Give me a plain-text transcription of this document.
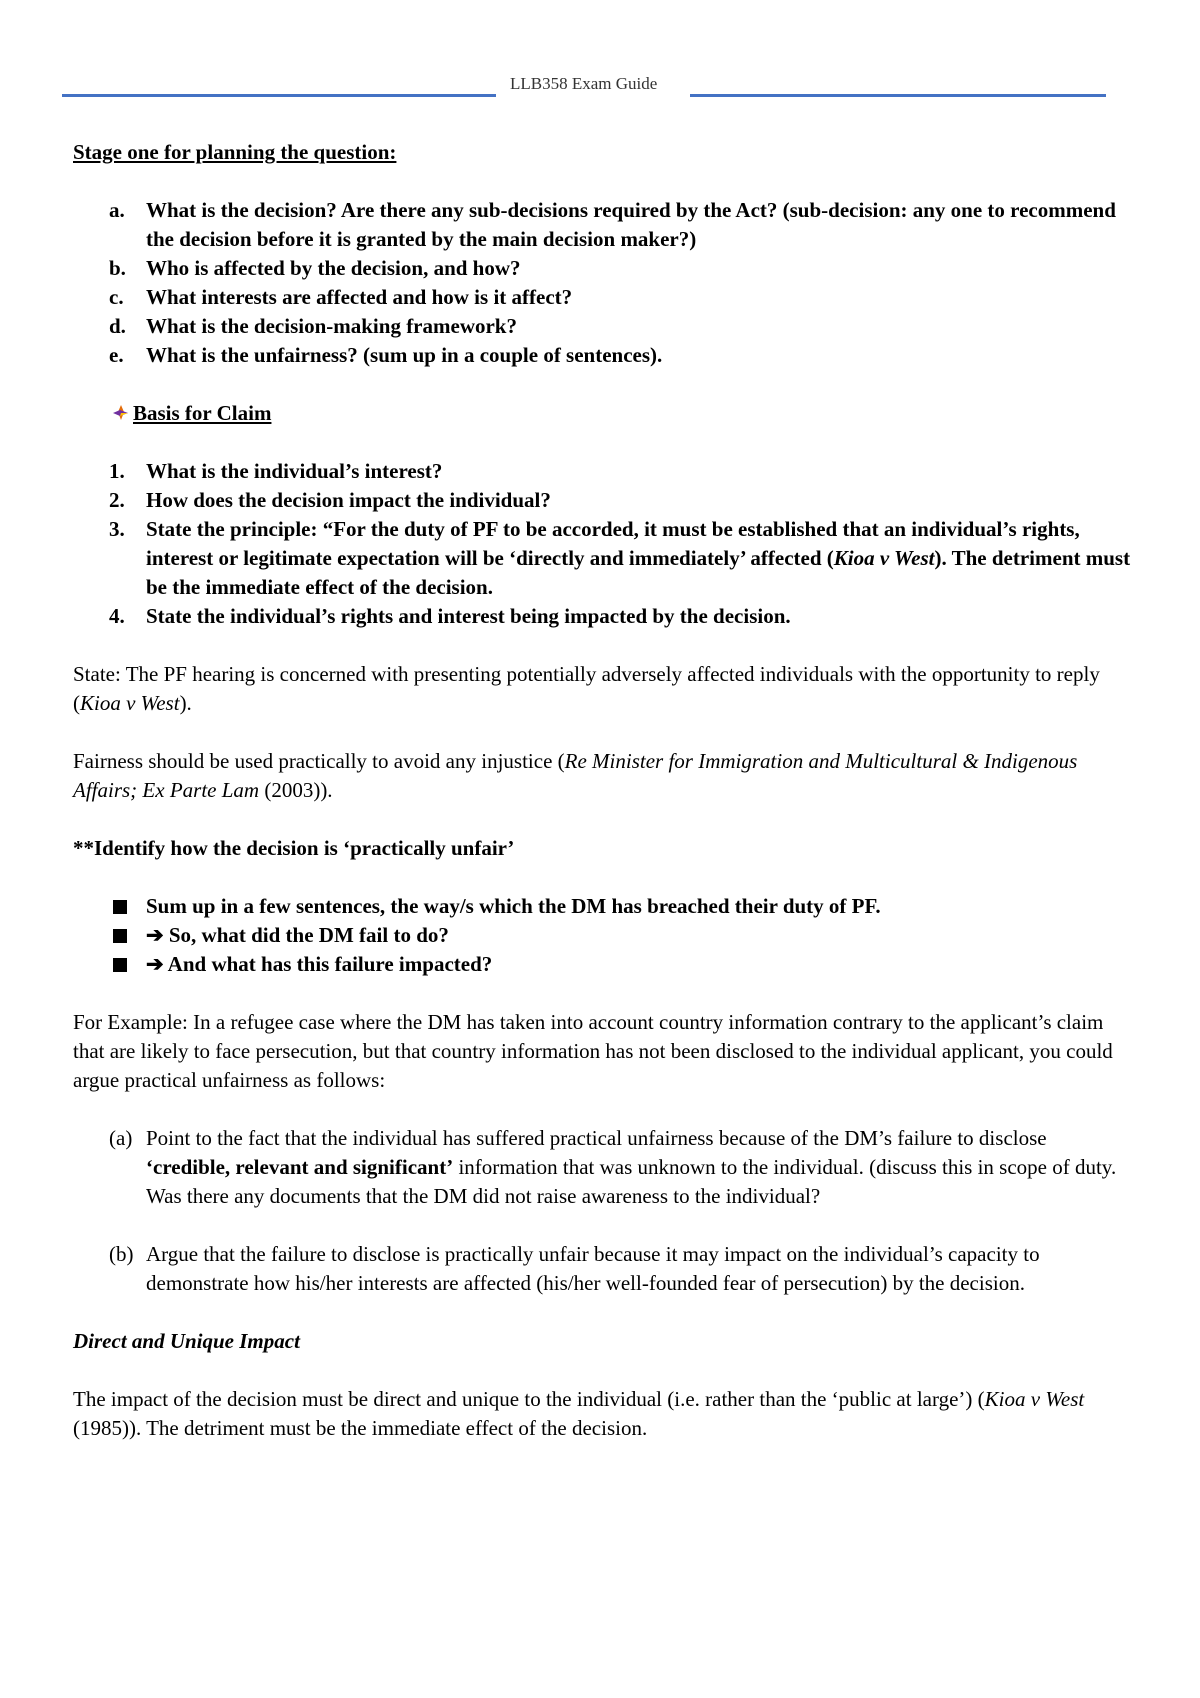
LLB358 Exam Guide

Stage one for planning the question:

a. What is the decision? Are there any sub-decisions required by the Act? (sub-decision: any one to recommend the decision before it is granted by the main decision maker?)
b. Who is affected by the decision, and how?
c. What interests are affected and how is it affect?
d. What is the decision-making framework?
e. What is the unfairness? (sum up in a couple of sentences).
Basis for Claim
1. What is the individual’s interest?
2. How does the decision impact the individual?
3. State the principle: “For the duty of PF to be accorded, it must be established that an individual’s rights, interest or legitimate expectation will be ‘directly and immediately’ affected (Kioa v West). The detriment must be the immediate effect of the decision.
4. State the individual’s rights and interest being impacted by the decision.

State: The PF hearing is concerned with presenting potentially adversely affected individuals with the opportunity to reply (Kioa v West).

Fairness should be used practically to avoid any injustice (Re Minister for Immigration and Multicultural & Indigenous Affairs; Ex Parte Lam (2003)).

**Identify how the decision is ‘practically unfair’

Sum up in a few sentences, the way/s which the DM has breached their duty of PF.
➔ So, what did the DM fail to do?
➔ And what has this failure impacted?

For Example: In a refugee case where the DM has taken into account country information contrary to the applicant’s claim that are likely to face persecution, but that country information has not been disclosed to the individual applicant, you could argue practical unfairness as follows:

(a) Point to the fact that the individual has suffered practical unfairness because of the DM’s failure to disclose ‘credible, relevant and significant’ information that was unknown to the individual. (discuss this in scope of duty. Was there any documents that the DM did not raise awareness to the individual?
(b) Argue that the failure to disclose is practically unfair because it may impact on the individual’s capacity to demonstrate how his/her interests are affected (his/her well-founded fear of persecution) by the decision.

Direct and Unique Impact

The impact of the decision must be direct and unique to the individual (i.e. rather than the ‘public at large’) (Kioa v West (1985)). The detriment must be the immediate effect of the decision.
